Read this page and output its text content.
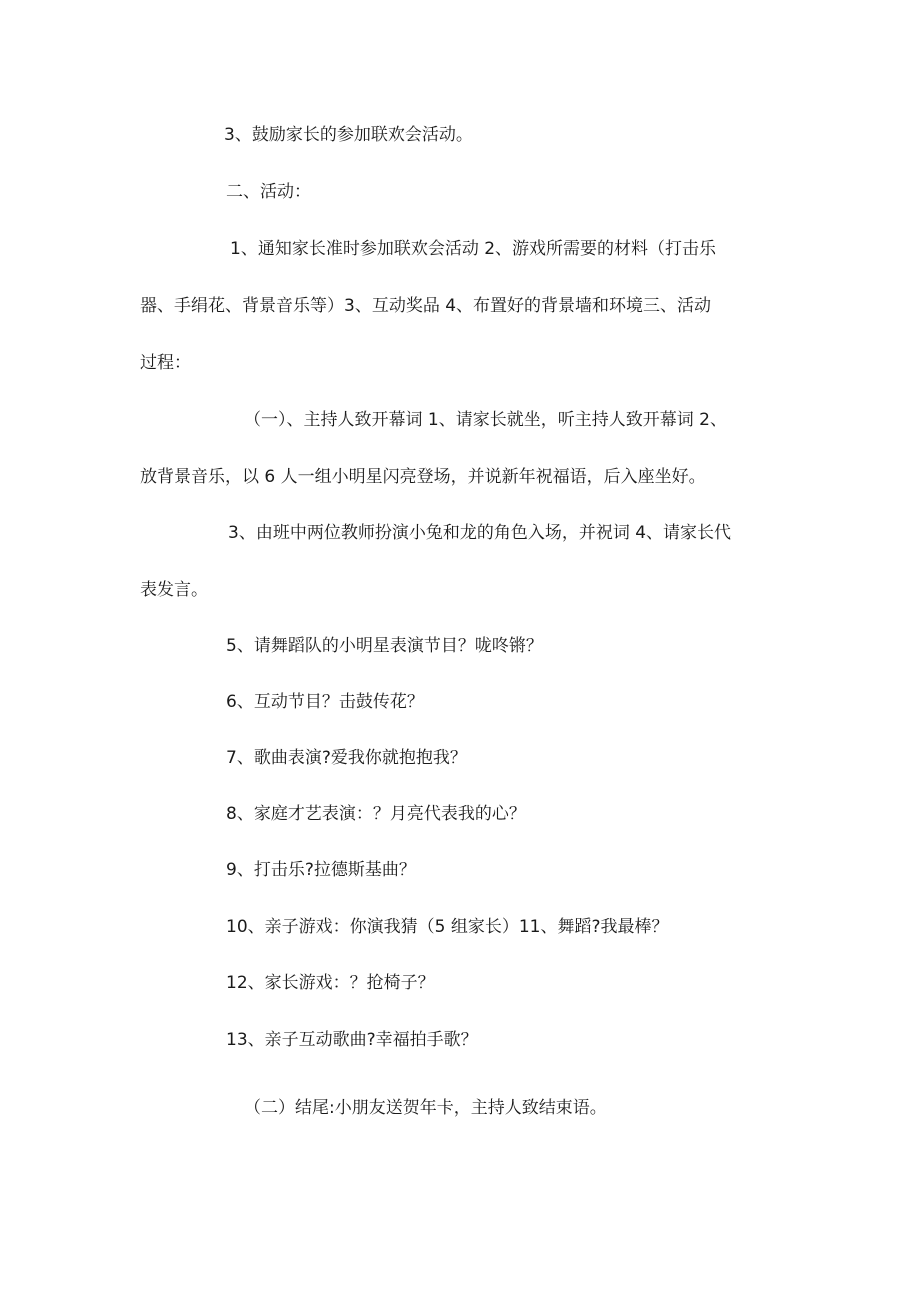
3、鼓励家长的参加联欢会活动。

二、活动：

1、通知家长准时参加联欢会活动 2、游戏所需要的材料（打击乐

器、手绢花、背景音乐等）3、互动奖品 4、布置好的背景墙和环境三、活动

过程：

（一）、主持人致开幕词 1、请家长就坐，听主持人致开幕词 2、

放背景音乐，以 6 人一组小明星闪亮登场，并说新年祝福语，后入座坐好。

3、由班中两位教师扮演小兔和龙的角色入场，并祝词 4、请家长代

表发言。

5、请舞蹈队的小明星表演节目？咙咚锵？

6、互动节目？击鼓传花？

7、歌曲表演?爱我你就抱抱我？

8、家庭才艺表演：？月亮代表我的心？

9、打击乐?拉德斯基曲？

10、亲子游戏：你演我猜（5 组家长）11、舞蹈?我最棒？

12、家长游戏：？抢椅子？

13、亲子互动歌曲?幸福拍手歌？

（二）结尾:小朋友送贺年卡，主持人致结束语。
